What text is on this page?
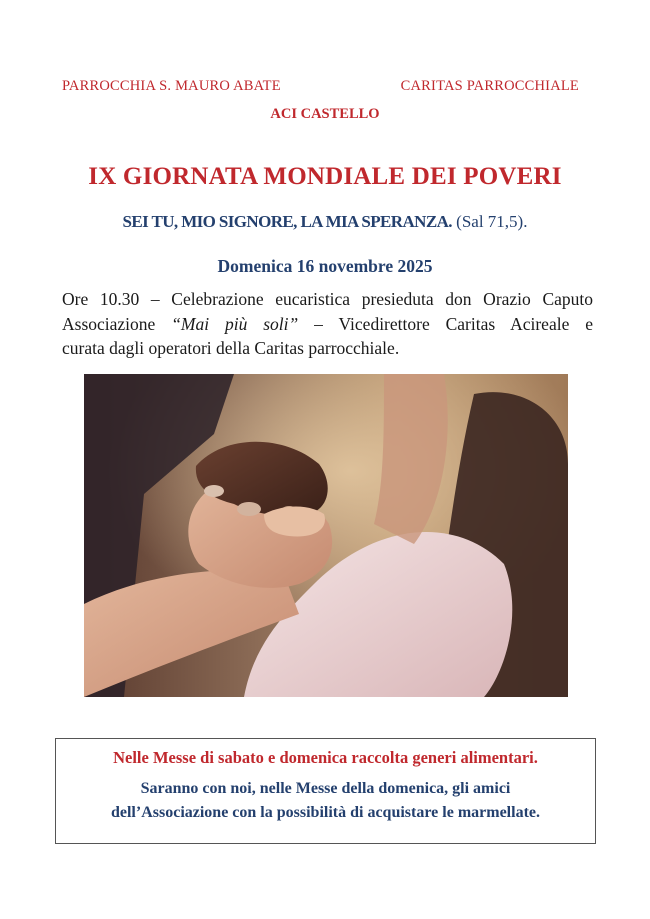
PARROCCHIA S. MAURO ABATE	CARITAS PARROCCHIALE
ACI CASTELLO
IX GIORNATA MONDIALE DEI POVERI
SEI TU, MIO SIGNORE, LA MIA SPERANZA. (Sal 71,5).
Domenica 16 novembre 2025
Ore 10.30 – Celebrazione eucaristica presieduta don Orazio Caputo
Associazione “Mai più soli” – Vicedirettore Caritas Acireale e
curata dagli operatori della Caritas parrocchiale.
Nelle Messe di sabato e domenica raccolta generi alimentari.
Saranno con noi, nelle Messe della domenica, gli amici
dell’Associazione con la possibilità di acquistare le marmellate.
